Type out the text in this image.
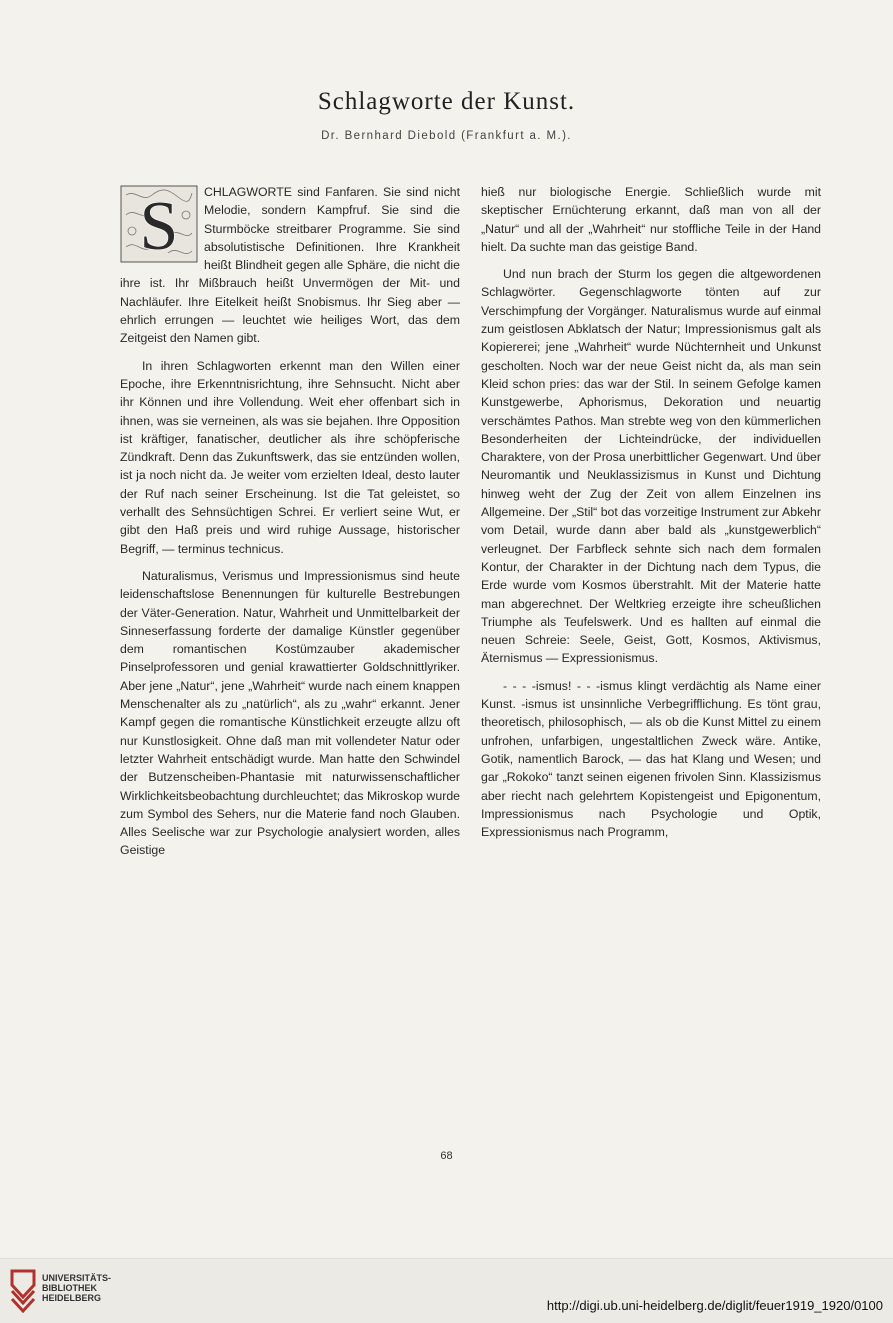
Schlagworte der Kunst.
Dr. Bernhard Diebold (Frankfurt a. M.).

S CHLAGWORTE sind Fanfaren. Sie sind nicht Melodie, sondern Kampfruf. Sie sind die Sturmböcke streitbarer Programme. Sie sind absolutistische Definitionen. Ihre Krankheit heißt Blindheit gegen alle Sphäre, die nicht die ihre ist. Ihr Mißbrauch heißt Unvermögen der Mit- und Nachläufer. Ihre Eitelkeit heißt Snobismus. Ihr Sieg aber — ehrlich errungen — leuchtet wie heiliges Wort, das dem Zeitgeist den Namen gibt.

In ihren Schlagworten erkennt man den Willen einer Epoche, ihre Erkenntnisrichtung, ihre Sehnsucht. Nicht aber ihr Können und ihre Vollendung. Weit eher offenbart sich in ihnen, was sie verneinen, als was sie bejahen. Ihre Opposition ist kräftiger, fanatischer, deutlicher als ihre schöpferische Zündkraft. Denn das Zukunftswerk, das sie entzünden wollen, ist ja noch nicht da. Je weiter vom erzielten Ideal, desto lauter der Ruf nach seiner Erscheinung. Ist die Tat geleistet, so verhallt des Sehnsüchtigen Schrei. Er verliert seine Wut, er gibt den Haß preis und wird ruhige Aussage, historischer Begriff, — terminus technicus.

Naturalismus, Verismus und Impressionismus sind heute leidenschaftslose Benennungen für kulturelle Bestrebungen der Väter-Generation. Natur, Wahrheit und Unmittelbarkeit der Sinneserfassung forderte der damalige Künstler gegenüber dem romantischen Kostümzauber akademischer Pinselprofessoren und genial krawattierter Goldschnittlyriker. Aber jene „Natur“, jene „Wahrheit“ wurde nach einem knappen Menschenalter als zu „natürlich“, als zu „wahr“ erkannt. Jener Kampf gegen die romantische Künstlichkeit erzeugte allzu oft nur Kunstlosigkeit. Ohne daß man mit vollendeter Natur oder letzter Wahrheit entschädigt wurde. Man hatte den Schwindel der Butzenscheiben-Phantasie mit naturwissenschaftlicher Wirklichkeitsbeobachtung durchleuchtet; das Mikroskop wurde zum Symbol des Sehers, nur die Materie fand noch Glauben. Alles Seelische war zur Psychologie analysiert worden, alles Geistige

hieß nur biologische Energie. Schließlich wurde mit skeptischer Ernüchterung erkannt, daß man von all der „Natur“ und all der „Wahrheit“ nur stoffliche Teile in der Hand hielt. Da suchte man das geistige Band.

Und nun brach der Sturm los gegen die altgewordenen Schlagwörter. Gegenschlagworte tönten auf zur Verschimpfung der Vorgänger. Naturalismus wurde auf einmal zum geistlosen Abklatsch der Natur; Impressionismus galt als Kopiererei; jene „Wahrheit“ wurde Nüchternheit und Unkunst gescholten. Noch war der neue Geist nicht da, als man sein Kleid schon pries: das war der Stil. In seinem Gefolge kamen Kunstgewerbe, Aphorismus, Dekoration und neuartig verschämtes Pathos. Man strebte weg von den kümmerlichen Besonderheiten der Lichteindrücke, der individuellen Charaktere, von der Prosa unerbittlicher Gegenwart. Und über Neuromantik und Neuklassizismus in Kunst und Dichtung hinweg weht der Zug der Zeit von allem Einzelnen ins Allgemeine. Der „Stil“ bot das vorzeitige Instrument zur Abkehr vom Detail, wurde dann aber bald als „kunstgewerblich“ verleugnet. Der Farbfleck sehnte sich nach dem formalen Kontur, der Charakter in der Dichtung nach dem Typus, die Erde wurde vom Kosmos überstrahlt. Mit der Materie hatte man abgerechnet. Der Weltkrieg erzeigte ihre scheußlichen Triumphe als Teufelswerk. Und es hallten auf einmal die neuen Schreie: Seele, Geist, Gott, Kosmos, Aktivismus, Äternismus — Expressionismus.

- - - -ismus! - - -ismus klingt verdächtig als Name einer Kunst. -ismus ist unsinnliche Verbegrifflichung. Es tönt grau, theoretisch, philosophisch, — als ob die Kunst Mittel zu einem unfrohen, unfarbigen, ungestaltlichen Zweck wäre. Antike, Gotik, namentlich Barock, — das hat Klang und Wesen; und gar „Rokoko“ tanzt seinen eigenen frivolen Sinn. Klassizismus aber riecht nach gelehrtem Kopistengeist und Epigonentum, Impressionismus nach Psychologie und Optik, Expressionismus nach Programm,

68
UNIVERSITÄTS-
BIBLIOTHEK
HEIDELBERG	http://digi.ub.uni-heidelberg.de/diglit/feuer1919_1920/0100
